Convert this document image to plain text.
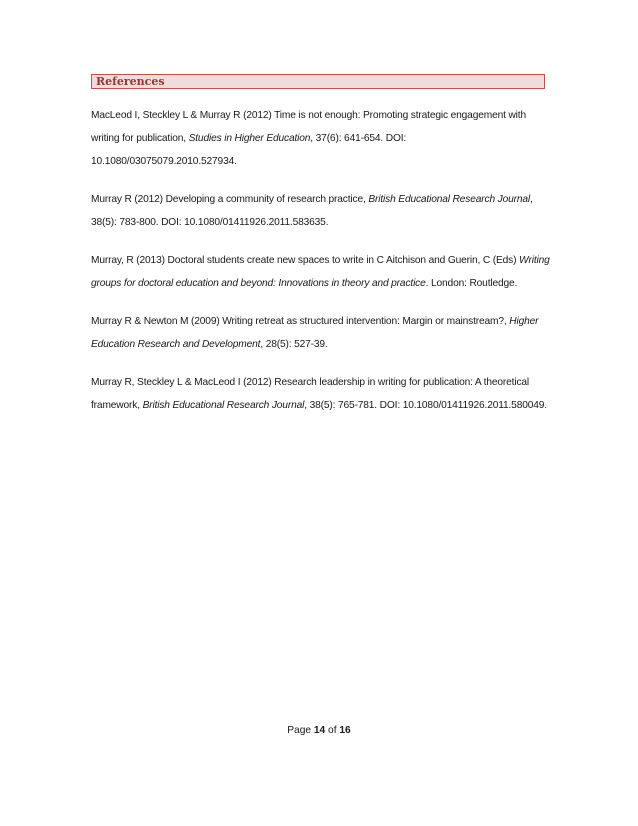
References

MacLeod I, Steckley L & Murray R (2012) Time is not enough: Promoting strategic engagement with writing for publication, Studies in Higher Education, 37(6): 641-654. DOI: 10.1080/03075079.2010.527934.

Murray R (2012) Developing a community of research practice, British Educational Research Journal, 38(5): 783-800. DOI: 10.1080/01411926.2011.583635.

Murray, R (2013) Doctoral students create new spaces to write in C Aitchison and Guerin, C (Eds) Writing groups for doctoral education and beyond: Innovations in theory and practice. London: Routledge.

Murray R & Newton M (2009) Writing retreat as structured intervention: Margin or mainstream?, Higher Education Research and Development, 28(5): 527-39.

Murray R, Steckley L & MacLeod I (2012) Research leadership in writing for publication: A theoretical framework, British Educational Research Journal, 38(5): 765-781. DOI: 10.1080/01411926.2011.580049.

Page 14 of 16
